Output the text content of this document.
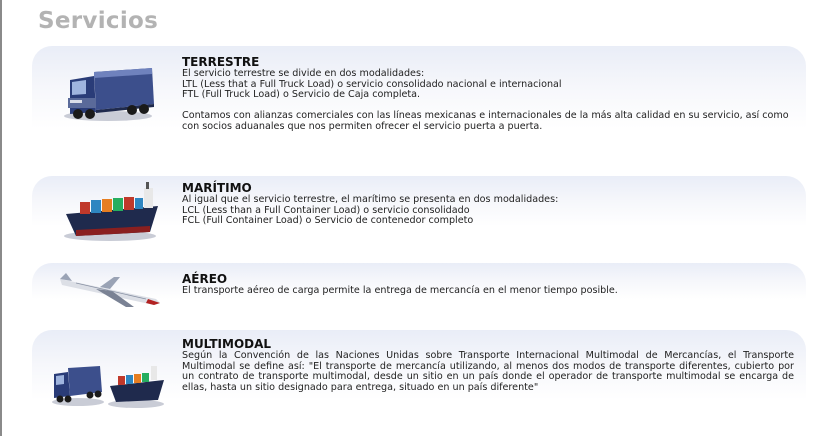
Servicios
TERRESTRE
El servicio terrestre se divide en dos modalidades:
LTL (Less that a Full Truck Load) o servicio consolidado nacional e internacional
FTL (Full Truck Load) o Servicio de Caja completa.
Contamos con alianzas comerciales con las líneas mexicanas e internacionales de la más alta calidad en su servicio, así como con socios aduanales que nos permiten ofrecer el servicio puerta a puerta.
MARÍTIMO
Al igual que el servicio terrestre, el marítimo se presenta en dos modalidades:
LCL (Less than a Full Container Load) o servicio consolidado
FCL (Full Container Load) o Servicio de contenedor completo
AÉREO
El transporte aéreo de carga permite la entrega de mercancía en el menor tiempo posible.
MULTIMODAL
Según la Convención de las Naciones Unidas sobre Transporte Internacional Multimodal de Mercancías, el Transporte Multimodal se define así: "El transporte de mercancía utilizando, al menos dos modos de transporte diferentes, cubierto por un contrato de transporte multimodal, desde un sitio en un país donde el operador de transporte multimodal se encarga de ellas, hasta un sitio designado para entrega, situado en un país diferente"
